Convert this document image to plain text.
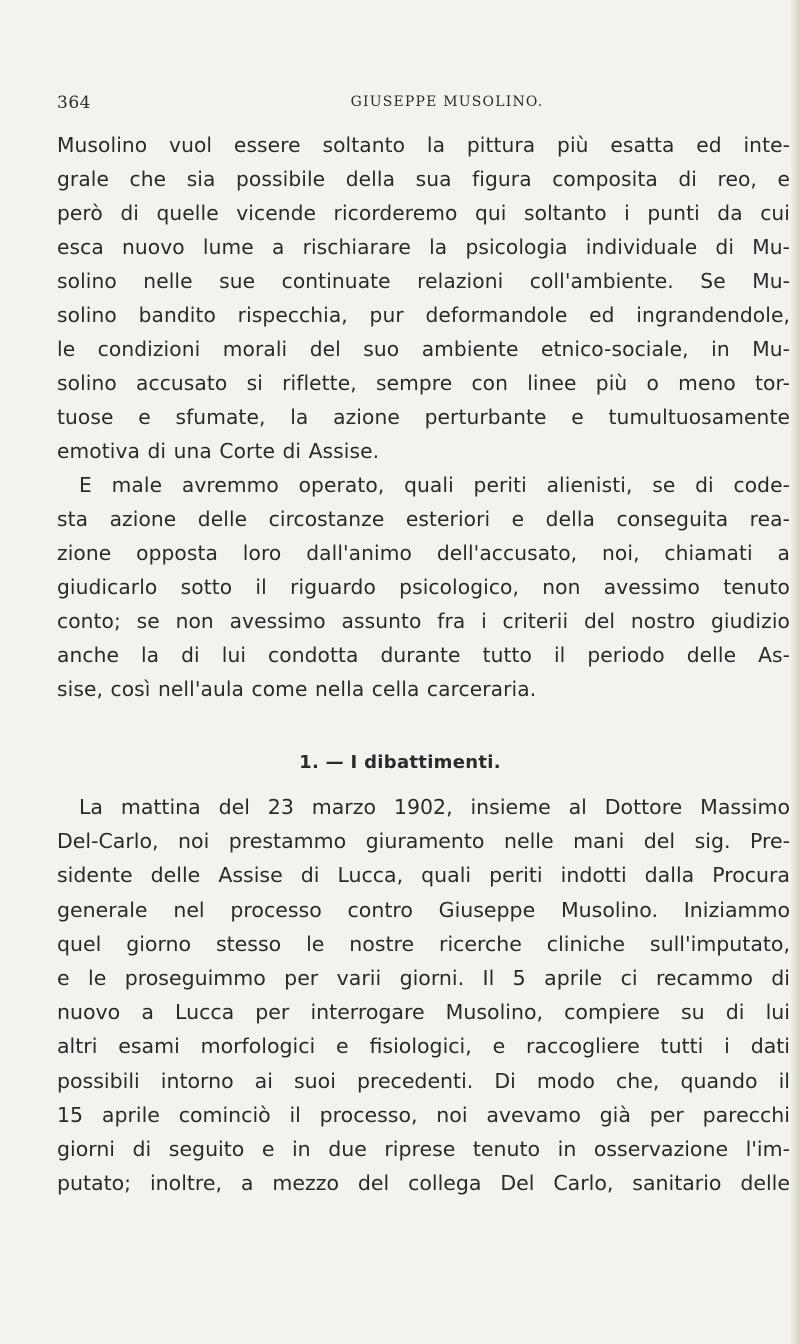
364	GIUSEPPE MUSOLINO.
Musolino vuol essere soltanto la pittura più esatta ed inte-
grale che sia possibile della sua figura composita di reo, e
però di quelle vicende ricorderemo qui soltanto i punti da cui
esca nuovo lume a rischiarare la psicologia individuale di Mu-
solino nelle sue continuate relazioni coll'ambiente. Se Mu-
solino bandito rispecchia, pur deformandole ed ingrandendole,
le condizioni morali del suo ambiente etnico-sociale, in Mu-
solino accusato si riflette, sempre con linee più o meno tor-
tuose e sfumate, la azione perturbante e tumultuosamente
emotiva di una Corte di Assise.
E male avremmo operato, quali periti alienisti, se di code-
sta azione delle circostanze esteriori e della conseguita rea-
zione opposta loro dall'animo dell'accusato, noi, chiamati a
giudicarlo sotto il riguardo psicologico, non avessimo tenuto
conto; se non avessimo assunto fra i criterii del nostro giudizio
anche la di lui condotta durante tutto il periodo delle As-
sise, così nell'aula come nella cella carceraria.
1. — I dibattimenti.
La mattina del 23 marzo 1902, insieme al Dottore Massimo
Del-Carlo, noi prestammo giuramento nelle mani del sig. Pre-
sidente delle Assise di Lucca, quali periti indotti dalla Procura
generale nel processo contro Giuseppe Musolino. Iniziammo
quel giorno stesso le nostre ricerche cliniche sull'imputato,
e le proseguimmo per varii giorni. Il 5 aprile ci recammo di
nuovo a Lucca per interrogare Musolino, compiere su di lui
altri esami morfologici e fisiologici, e raccogliere tutti i dati
possibili intorno ai suoi precedenti. Di modo che, quando il
15 aprile cominciò il processo, noi avevamo già per parecchi
giorni di seguito e in due riprese tenuto in osservazione l'im-
putato; inoltre, a mezzo del collega Del Carlo, sanitario delle
